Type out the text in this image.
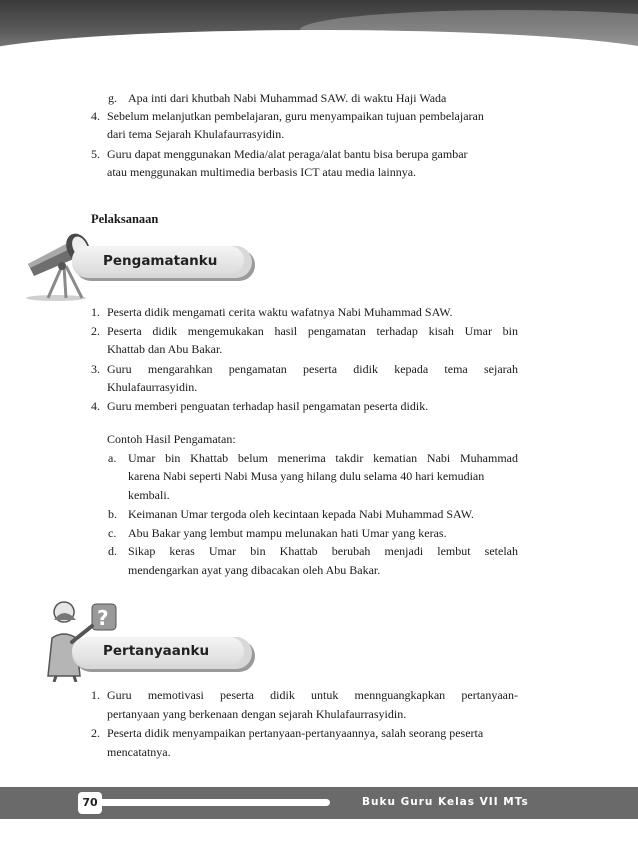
g. Apa inti dari khutbah Nabi Muhammad SAW. di waktu Haji Wada
4. Sebelum melanjutkan pembelajaran, guru menyampaikan tujuan pembelajaran
dari tema Sejarah Khulafaurrasyidin.
5. Guru dapat menggunakan Media/alat peraga/alat bantu bisa berupa gambar
atau menggunakan multimedia berbasis ICT atau media lainnya.
Pelaksanaan
Pengamatanku
1. Peserta didik mengamati cerita waktu wafatnya Nabi Muhammad SAW.
2. Peserta didik mengemukakan hasil pengamatan terhadap kisah Umar bin
Khattab dan Abu Bakar.
3. Guru mengarahkan pengamatan peserta didik kepada tema sejarah
Khulafaurrasyidin.
4. Guru memberi penguatan terhadap hasil pengamatan peserta didik.
Contoh Hasil Pengamatan:
a. Umar bin Khattab belum menerima takdir kematian Nabi Muhammad
karena Nabi seperti Nabi Musa yang hilang dulu selama 40 hari kemudian
kembali.
b. Keimanan Umar tergoda oleh kecintaan kepada Nabi Muhammad SAW.
c. Abu Bakar yang lembut mampu melunakan hati Umar yang keras.
d. Sikap keras Umar bin Khattab berubah menjadi lembut setelah
mendengarkan ayat yang dibacakan oleh Abu Bakar.
?
Pertanyaanku
1. Guru memotivasi peserta didik untuk mennguangkapkan pertanyaan-
pertanyaan yang berkenaan dengan sejarah Khulafaurrasyidin.
2. Peserta didik menyampaikan pertanyaan-pertanyaannya, salah seorang peserta
mencatatnya.
70	Buku Guru Kelas VII MTs
